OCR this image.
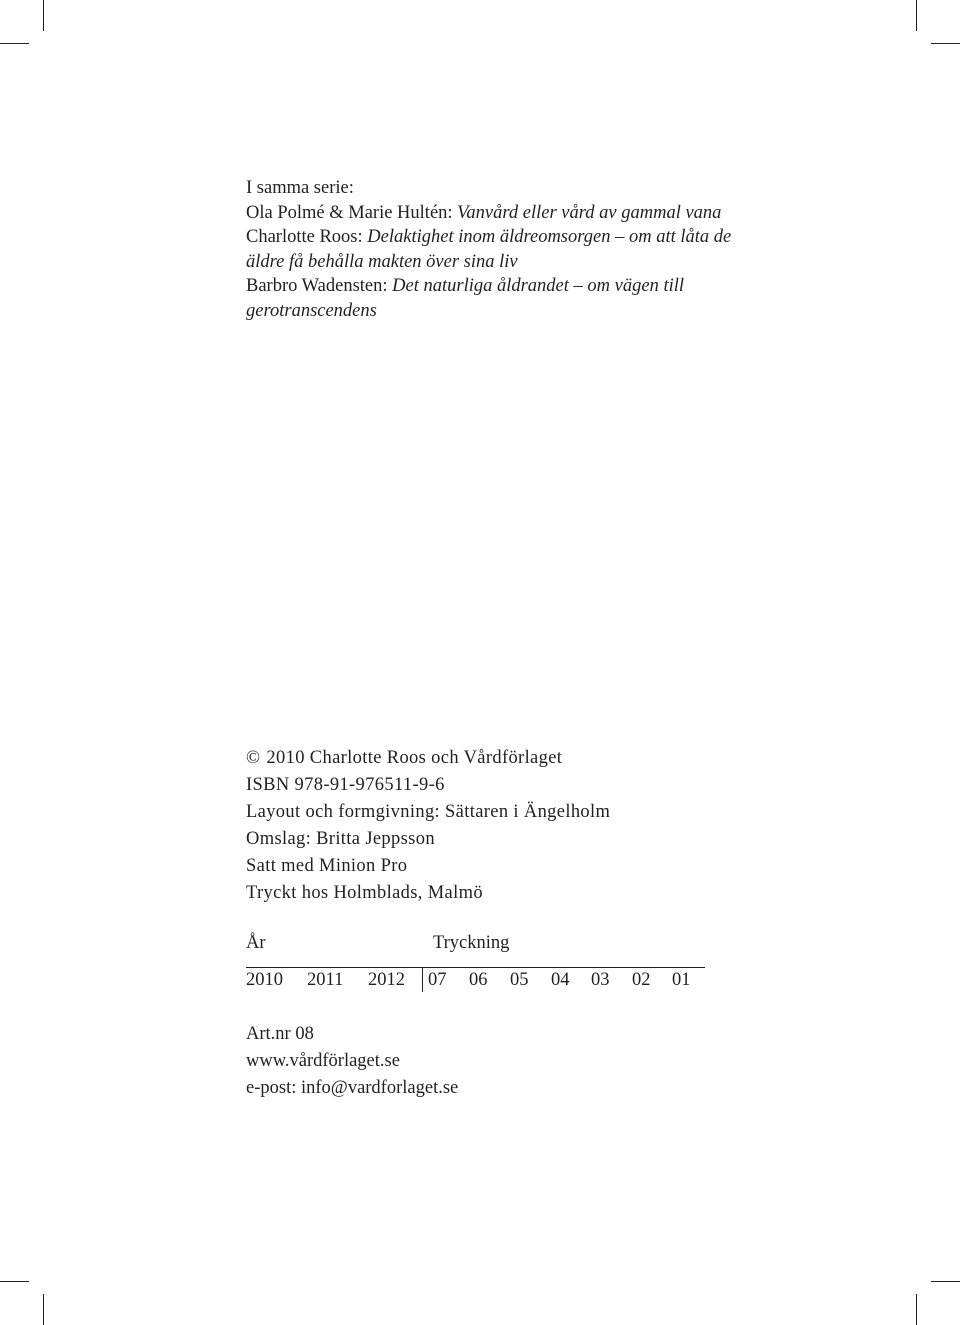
I samma serie:
Ola Polmé & Marie Hultén: Vanvård eller vård av gammal vana
Charlotte Roos: Delaktighet inom äldreomsorgen – om att låta de
äldre få behålla makten över sina liv
Barbro Wadensten: Det naturliga åldrandet – om vägen till
gerotranscendens
© 2010 Charlotte Roos och Vårdförlaget
ISBN 978-91-976511-9-6
Layout och formgivning: Sättaren i Ängelholm
Omslag: Britta Jeppsson
Satt med Minion Pro
Tryckt hos Holmblads, Malmö
År	Tryckning
2010 2011 2012 07 06 05 04 03 02 01
Art.nr 08
www.vårdförlaget.se
e-post: info@vardforlaget.se
